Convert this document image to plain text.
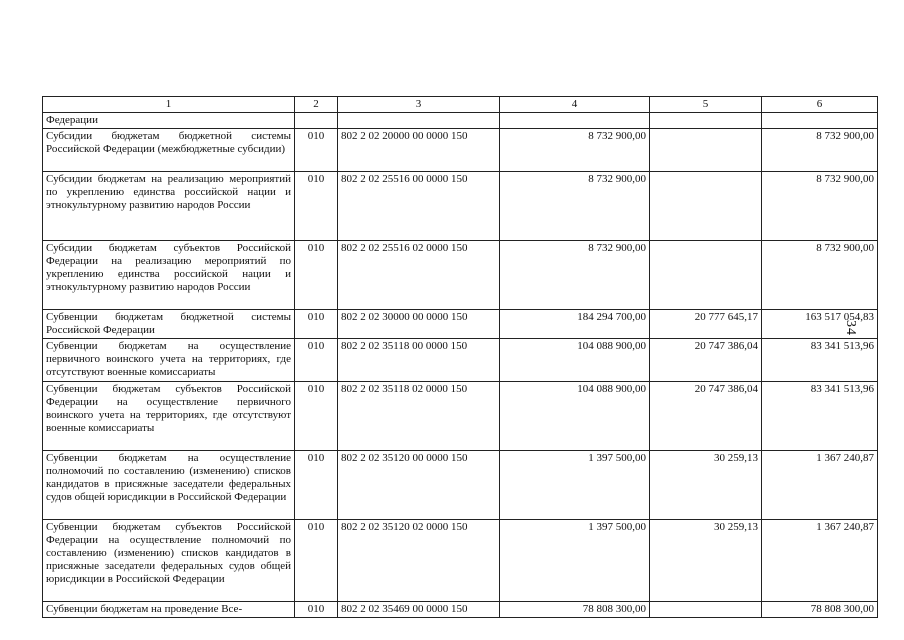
1	2	3	4	5	6
Федерации					
Субсидии бюджетам бюджетной системы Российской Федерации (межбюджетные субсидии)	010	802 2 02 20000 00 0000 150	8 732 900,00		8 732 900,00
Субсидии бюджетам на реализацию мероприятий по укреплению единства российской нации и этнокультурному развитию народов России	010	802 2 02 25516 00 0000 150	8 732 900,00		8 732 900,00
Субсидии бюджетам субъектов Российской Федерации на реализацию мероприятий по укреплению единства российской нации и этнокультурному развитию народов России	010	802 2 02 25516 02 0000 150	8 732 900,00		8 732 900,00
Субвенции бюджетам бюджетной системы Российской Федерации	010	802 2 02 30000 00 0000 150	184 294 700,00	20 777 645,17	163 517 054,83
Субвенции бюджетам на осуществление первичного воинского учета на территориях, где отсутствуют военные комиссариаты	010	802 2 02 35118 00 0000 150	104 088 900,00	20 747 386,04	83 341 513,96
Субвенции бюджетам субъектов Российской Федерации на осуществление первичного воинского учета на территориях, где отсутствуют военные комиссариаты	010	802 2 02 35118 02 0000 150	104 088 900,00	20 747 386,04	83 341 513,96
Субвенции бюджетам на осуществление полномочий по составлению (изменению) списков кандидатов в присяжные заседатели федеральных судов общей юрисдикции в Российской Федерации	010	802 2 02 35120 00 0000 150	1 397 500,00	30 259,13	1 367 240,87
Субвенции бюджетам субъектов Российской Федерации на осуществление полномочий по составлению (изменению) списков кандидатов в присяжные заседатели федеральных судов общей юрисдикции в Российской Федерации	010	802 2 02 35120 02 0000 150	1 397 500,00	30 259,13	1 367 240,87
Субвенции бюджетам на проведение Все-	010	802 2 02 35469 00 0000 150	78 808 300,00		78 808 300,00
34
